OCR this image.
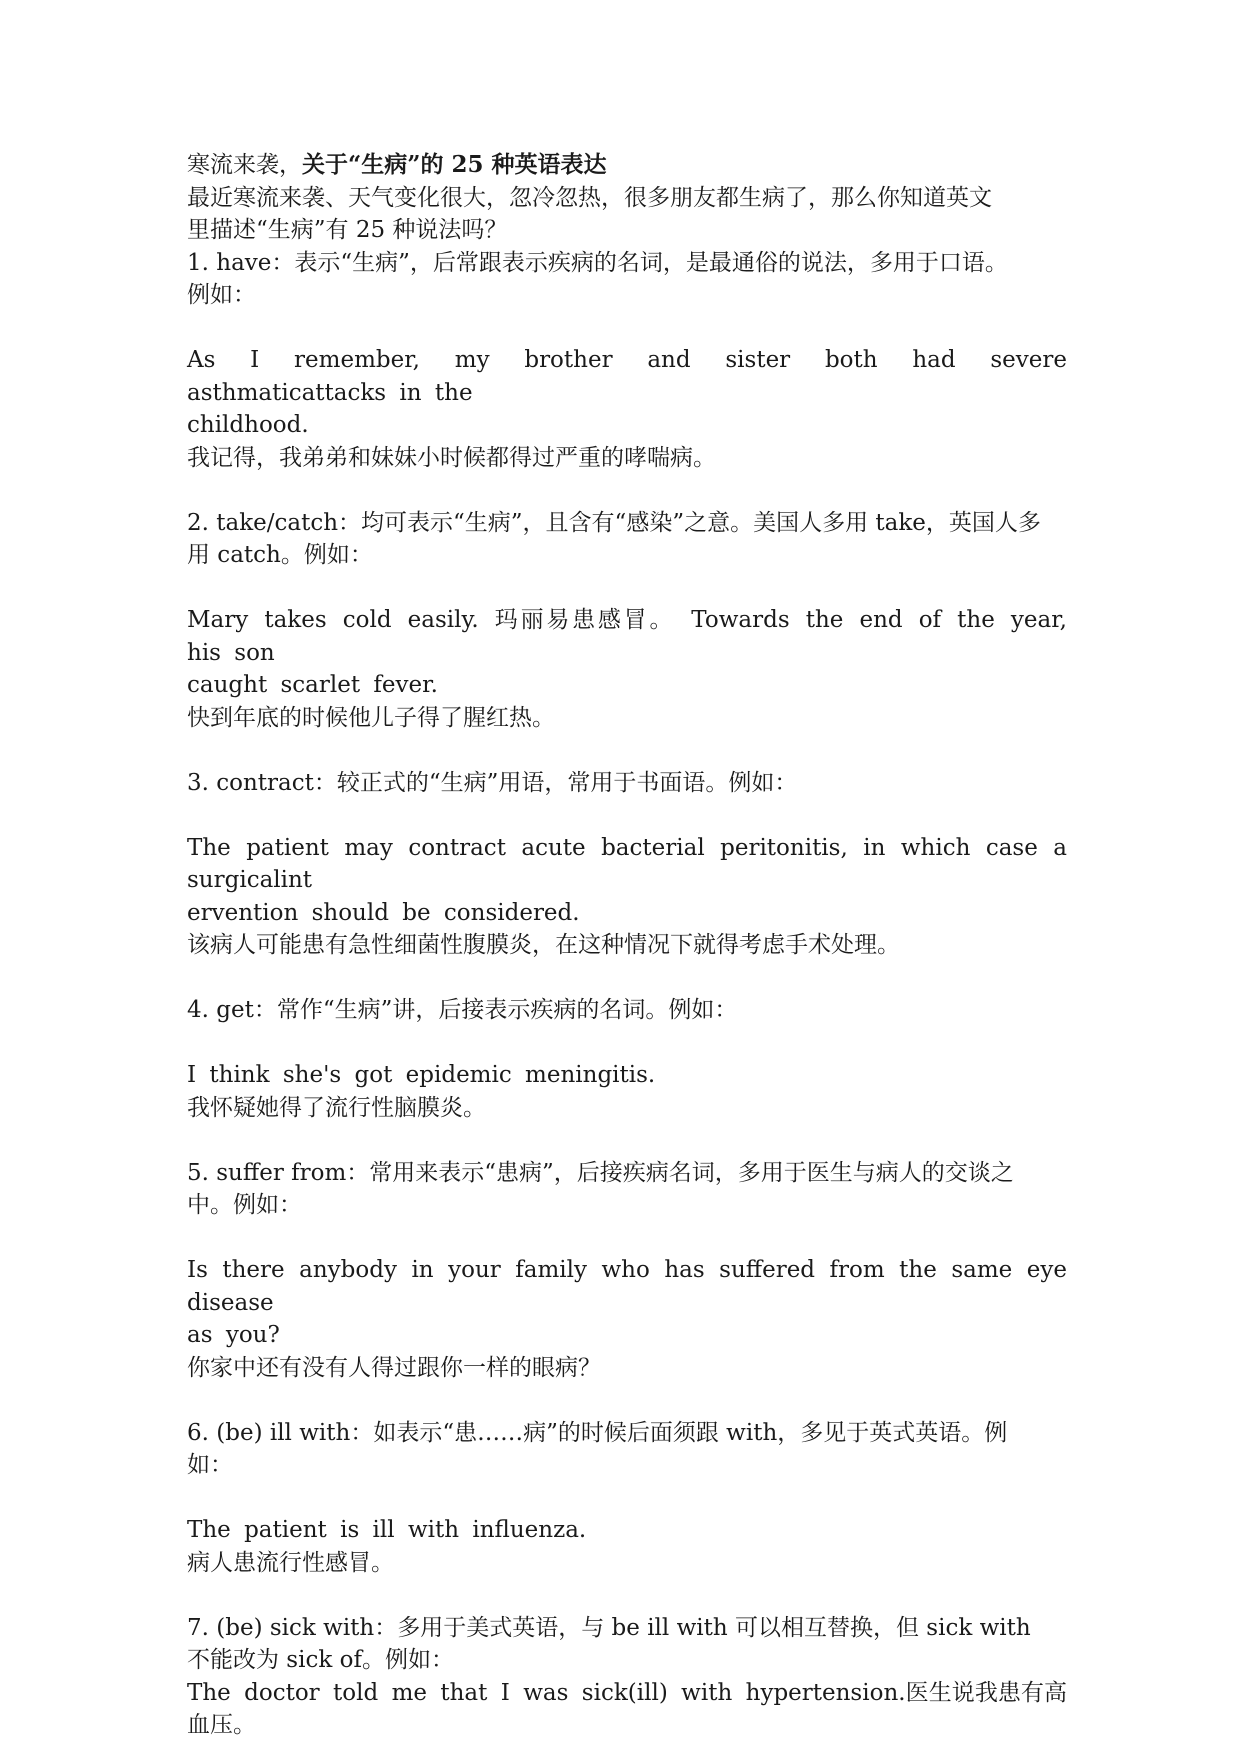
寒流来袭，关于“生病”的 25 种英语表达
最近寒流来袭、天气变化很大，忽冷忽热，很多朋友都生病了，那么你知道英文
里描述“生病”有 25 种说法吗？
1. have：表示“生病”，后常跟表示疾病的名词，是最通俗的说法，多用于口语。
例如：
As I remember, my brother and sister both had severe asthmaticattacks in the
childhood.
我记得，我弟弟和妹妹小时候都得过严重的哮喘病。
2. take/catch：均可表示“生病”，且含有“感染”之意。美国人多用 take，英国人多
用 catch。例如：
Mary takes cold easily. 玛丽易患感冒。 Towards the end of the year, his son
caught scarlet fever.
快到年底的时候他儿子得了腥红热。
3. contract：较正式的“生病”用语，常用于书面语。例如：
The patient may contract acute bacterial peritonitis, in which case a surgicalint
ervention should be considered.
该病人可能患有急性细菌性腹膜炎，在这种情况下就得考虑手术处理。
4. get：常作“生病”讲，后接表示疾病的名词。例如：
I think she's got epidemic meningitis.
我怀疑她得了流行性脑膜炎。
5. suffer from：常用来表示“患病”，后接疾病名词，多用于医生与病人的交谈之
中。例如：
Is there anybody in your family who has suffered from the same eye disease
as you?
你家中还有没有人得过跟你一样的眼病？
6. (be) ill with：如表示“患……病”的时候后面须跟 with，多见于英式英语。例
如：
The patient is ill with influenza.
病人患流行性感冒。
7. (be) sick with：多用于美式英语，与 be ill with 可以相互替换，但 sick with
不能改为 sick of。例如：
The doctor told me that I was sick(ill) with hypertension.医生说我患有高血压。
